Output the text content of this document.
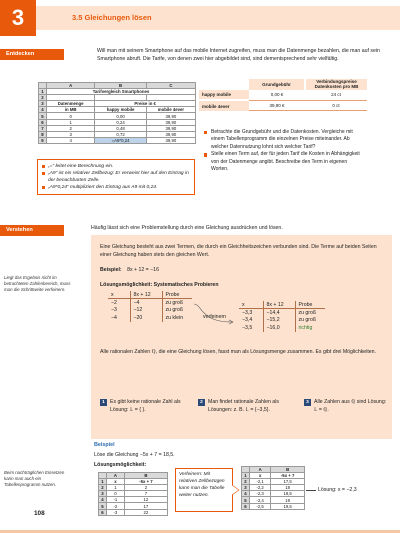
3	3.5 Gleichungen lösen
Entdecken	Will man mit seinem Smartphone auf das mobile Internet zugreifen, muss man die Datenmenge bezahlen, die man auf sein Smartphone abruft. Die Tarife, von denen zwei hier abgebildet sind, sind dementsprechend sehr vielfältig.
	A	B	C
1	Tarifvergleich Smartphones		
2			
3	Datenmenge	Preise in €	
4	in MB	happy mobile	mobile 4ever
5	0	0,00	39,90
6	1	0,24	39,90
7	2	0,48	39,90
8	3	0,72	39,90
9	4	=A9*0,24	39,90
„=“ leitet eine Berechnung ein.
„A9“ ist ein relativer Zellbezug: Er verweist hier auf den Eintrag in der benachbarten Zelle.
„A9*0,24“ multipliziert den Eintrag aus A9 mit 0,24.
	Grundgebühr	Verbindungspreise
Datenkosten pro MB
happy mobile	0,00 €	24 ct
mobile 4ever	39,90 €	0 ct
Betrachte die Grundgebühr und die Datenkosten. Vergleiche mit einem Tabellenprogramm die einzelnen Preise miteinander. Ab welcher Datennutzung lohnt sich welcher Tarif?
Stelle einen Term auf, der für jeden Tarif die Kosten in Abhängigkeit von der Datenmenge angibt. Beschreibe den Term in eigenen Worten.
Verstehen	Häufig lässt sich eine Problemstellung durch eine Gleichung ausdrücken und lösen.
Liegt das Ergebnis nicht im betrachteten Zahlenbereich, muss man die Schrittweite verfeinern.
Eine Gleichung besteht aus zwei Termen, die durch ein Gleichheitszeichen verbunden sind. Die Terme auf beiden Seiten einer Gleichung haben stets den gleichen Wert.
Beispiel: 8x + 12 = −16
Lösungsmöglichkeit: Systematisches Probieren
x	8x + 12	Probe
−2	−4	zu groß
−3	−12	zu groß
−4	−20	zu klein	verfeinern
x	8x + 12	Probe
−3,3	−14,4	zu groß
−3,4	−15,2	zu groß
−3,5	−16,0	richtig
Alle rationalen Zahlen ℚ, die eine Gleichung lösen, fasst man als Lösungsmenge zusammen. Es gibt drei Möglichkeiten.
1 Es gibt keine rationale Zahl als Lösung: 𝕃 = { }.
2 Man findet rationale Zahlen als Lösungen: z. B. 𝕃 = {−3,5}.
3 Alle Zahlen aus ℚ sind Lösung: 𝕃 = ℚ.
Beispiel
Löse die Gleichung −5x + 7 = 18,5.
Lösungsmöglichkeit:
Beim nachträglichen Einsetzen kann man auch ein Tabellenprogramm nutzen.
	A	B
1	x	-5x + 7
2	1	2
3	0	7
4	-1	12
5	-2	17
6	-3	22
Verfeinern: Mit relativen Zellbezügen kann man die Tabelle weiter nutzen.
	A	B
1	x	-5x + 7
2	-2,1	17,5
3	-2,2	18
4	-2,3	18,5
5	-2,4	19
6	-2,5	19,5
Lösung: x = −2,3
108
